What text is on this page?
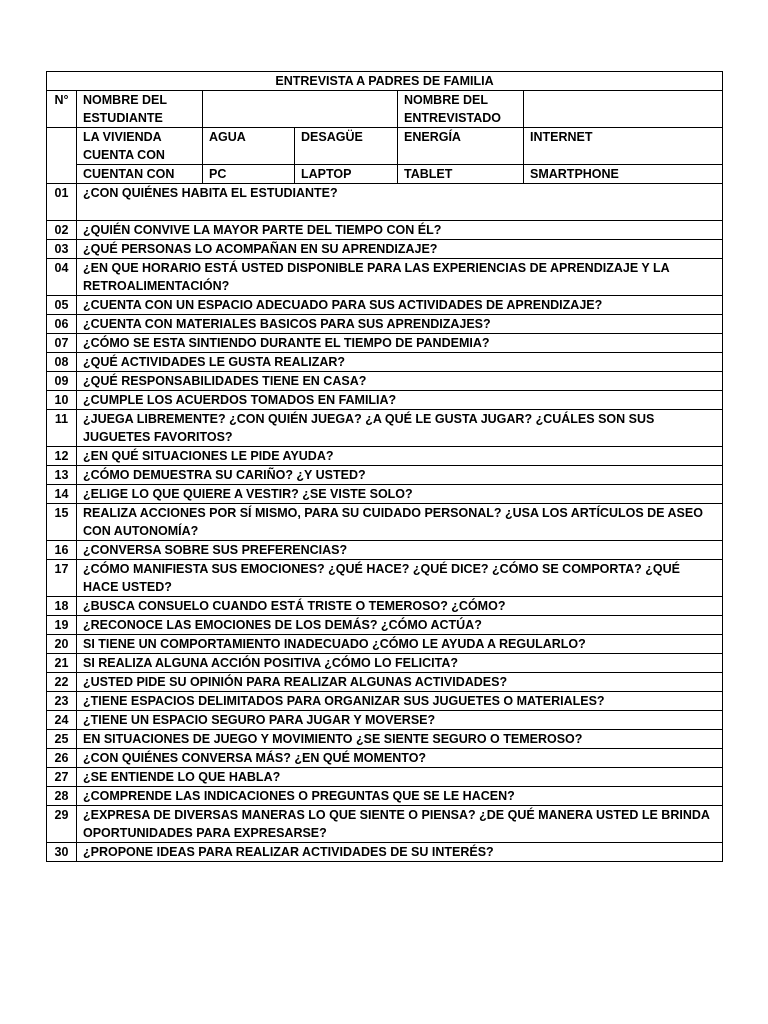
ENTREVISTA A PADRES DE FAMILIA					
N°	NOMBRE DEL ESTUDIANTE			NOMBRE DEL ENTREVISTADO	
	LA VIVIENDA CUENTA CON	AGUA	DESAGÜE	ENERGÍA	INTERNET
	CUENTAN CON	PC	LAPTOP	TABLET	SMARTPHONE
01	¿CON QUIÉNES HABITA EL ESTUDIANTE?				
02	¿QUIÉN CONVIVE LA MAYOR PARTE DEL TIEMPO CON ÉL?				
03	¿QUÉ PERSONAS LO ACOMPAÑAN EN SU APRENDIZAJE?				
04	¿EN QUE HORARIO ESTÁ USTED DISPONIBLE PARA LAS EXPERIENCIAS DE APRENDIZAJE Y LA RETROALIMENTACIÓN?				
05	¿CUENTA CON UN ESPACIO ADECUADO PARA SUS ACTIVIDADES DE APRENDIZAJE?				
06	¿CUENTA CON MATERIALES BASICOS PARA SUS APRENDIZAJES?				
07	¿CÓMO SE ESTA SINTIENDO DURANTE EL TIEMPO DE PANDEMIA?				
08	¿QUÉ ACTIVIDADES LE GUSTA REALIZAR?				
09	¿QUÉ RESPONSABILIDADES TIENE EN CASA?				
10	¿CUMPLE LOS ACUERDOS TOMADOS EN FAMILIA?				
11	¿JUEGA LIBREMENTE? ¿CON QUIÉN JUEGA? ¿A QUÉ LE GUSTA JUGAR? ¿CUÁLES SON SUS JUGUETES FAVORITOS?				
12	¿EN QUÉ SITUACIONES LE PIDE AYUDA?				
13	¿CÓMO DEMUESTRA SU CARIÑO? ¿Y USTED?				
14	¿ELIGE LO QUE QUIERE A VESTIR? ¿SE VISTE SOLO?				
15	REALIZA ACCIONES POR SÍ MISMO, PARA SU CUIDADO PERSONAL? ¿USA LOS ARTÍCULOS DE ASEO CON AUTONOMÍA?				
16	¿CONVERSA SOBRE SUS PREFERENCIAS?				
17	¿CÓMO MANIFIESTA SUS EMOCIONES? ¿QUÉ HACE? ¿QUÉ DICE? ¿CÓMO SE COMPORTA? ¿QUÉ HACE USTED?				
18	¿BUSCA CONSUELO CUANDO ESTÁ TRISTE O TEMEROSO? ¿CÓMO?				
19	¿RECONOCE LAS EMOCIONES DE LOS DEMÁS? ¿CÓMO ACTÚA?				
20	SI TIENE UN COMPORTAMIENTO INADECUADO ¿CÓMO LE AYUDA A REGULARLO?				
21	SI REALIZA ALGUNA ACCIÓN POSITIVA ¿CÓMO LO FELICITA?				
22	¿USTED PIDE SU OPINIÓN PARA REALIZAR ALGUNAS ACTIVIDADES?				
23	¿TIENE ESPACIOS DELIMITADOS PARA ORGANIZAR SUS JUGUETES O MATERIALES?				
24	¿TIENE UN ESPACIO SEGURO PARA JUGAR Y MOVERSE?				
25	EN SITUACIONES DE JUEGO Y MOVIMIENTO ¿SE SIENTE SEGURO O TEMEROSO?				
26	¿CON QUIÉNES CONVERSA MÁS? ¿EN QUÉ MOMENTO?				
27	¿SE ENTIENDE LO QUE HABLA?				
28	¿COMPRENDE LAS INDICACIONES O PREGUNTAS QUE SE LE HACEN?				
29	¿EXPRESA DE DIVERSAS MANERAS LO QUE SIENTE O PIENSA? ¿DE QUÉ MANERA USTED LE BRINDA OPORTUNIDADES PARA EXPRESARSE?				
30	¿PROPONE IDEAS PARA REALIZAR ACTIVIDADES DE SU INTERÉS?				
